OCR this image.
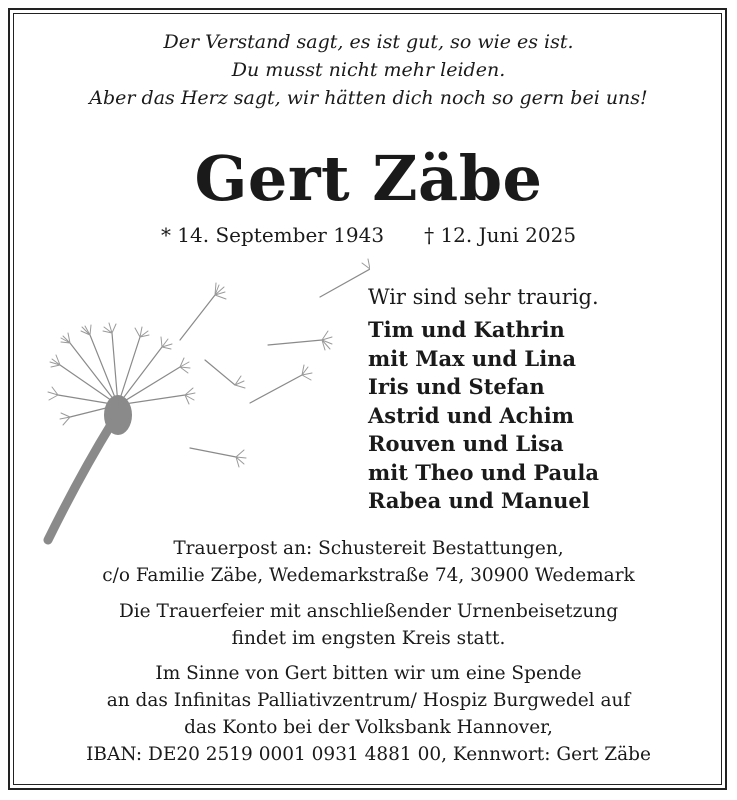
Der Verstand sagt, es ist gut, so wie es ist.
Du musst nicht mehr leiden.
Aber das Herz sagt, wir hätten dich noch so gern bei uns!
Gert Zäbe
* 14. September 1943 † 12. Juni 2025
Wir sind sehr traurig.
Tim und Kathrin
mit Max und Lina
Iris und Stefan
Astrid und Achim
Rouven und Lisa
mit Theo und Paula
Rabea und Manuel
Trauerpost an: Schustereit Bestattungen,
c/o Familie Zäbe, Wedemarkstraße 74, 30900 Wedemark
Die Trauerfeier mit anschließender Urnenbeisetzung
findet im engsten Kreis statt.
Im Sinne von Gert bitten wir um eine Spende
an das Infinitas Palliativzentrum/ Hospiz Burgwedel auf
das Konto bei der Volksbank Hannover,
IBAN: DE20 2519 0001 0931 4881 00, Kennwort: Gert Zäbe
